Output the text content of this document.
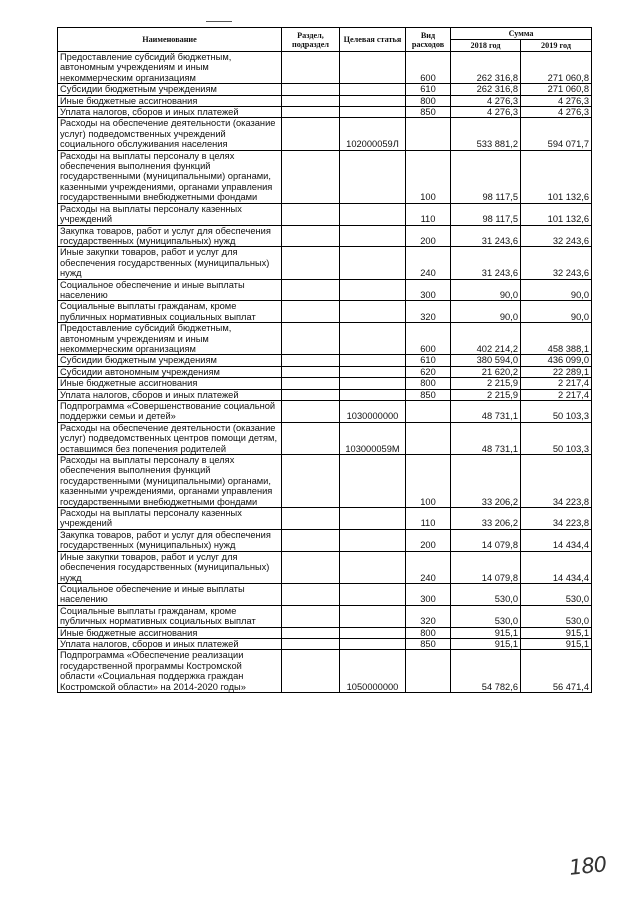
Наименование	Раздел, подраздел	Целевая статья	Вид расходов	Сумма	
				2018 год	2019 год
Предоставление субсидий бюджетным, автономным учреждениям и иным некоммерческим организациям			600	262 316,8	271 060,8
Субсидии бюджетным учреждениям			610	262 316,8	271 060,8
Иные бюджетные ассигнования			800	4 276,3	4 276,3
Уплата налогов, сборов и иных платежей			850	4 276,3	4 276,3
Расходы на обеспечение деятельности (оказание услуг) подведомственных учреждений социального обслуживания населения		102000059Л		533 881,2	594 071,7
Расходы на выплаты персоналу в целях обеспечения выполнения функций государственными (муниципальными) органами, казенными учреждениями, органами управления государственными внебюджетными фондами			100	98 117,5	101 132,6
Расходы на выплаты персоналу казенных учреждений			110	98 117,5	101 132,6
Закупка товаров, работ и услуг для обеспечения государственных (муниципальных) нужд			200	31 243,6	32 243,6
Иные закупки товаров, работ и услуг для обеспечения государственных (муниципальных) нужд			240	31 243,6	32 243,6
Социальное обеспечение и иные выплаты населению			300	90,0	90,0
Социальные выплаты гражданам, кроме публичных нормативных социальных выплат			320	90,0	90,0
Предоставление субсидий бюджетным, автономным учреждениям и иным некоммерческим организациям			600	402 214,2	458 388,1
Субсидии бюджетным учреждениям			610	380 594,0	436 099,0
Субсидии автономным учреждениям			620	21 620,2	22 289,1
Иные бюджетные ассигнования			800	2 215,9	2 217,4
Уплата налогов, сборов и иных платежей			850	2 215,9	2 217,4
Подпрограмма «Совершенствование социальной поддержки семьи и детей»		1030000000		48 731,1	50 103,3
Расходы на обеспечение деятельности (оказание услуг) подведомственных центров помощи детям, оставшимся без попечения родителей		103000059М		48 731,1	50 103,3
Расходы на выплаты персоналу в целях обеспечения выполнения функций государственными (муниципальными) органами, казенными учреждениями, органами управления государственными внебюджетными фондами			100	33 206,2	34 223,8
Расходы на выплаты персоналу казенных учреждений			110	33 206,2	34 223,8
Закупка товаров, работ и услуг для обеспечения государственных (муниципальных) нужд			200	14 079,8	14 434,4
Иные закупки товаров, работ и услуг для обеспечения государственных (муниципальных) нужд			240	14 079,8	14 434,4
Социальное обеспечение и иные выплаты населению			300	530,0	530,0
Социальные выплаты гражданам, кроме публичных нормативных социальных выплат			320	530,0	530,0
Иные бюджетные ассигнования			800	915,1	915,1
Уплата налогов, сборов и иных платежей			850	915,1	915,1
Подпрограмма «Обеспечение реализации государственной программы Костромской области «Социальная поддержка граждан Костромской области» на 2014-2020 годы»		1050000000		54 782,6	56 471,4
180
